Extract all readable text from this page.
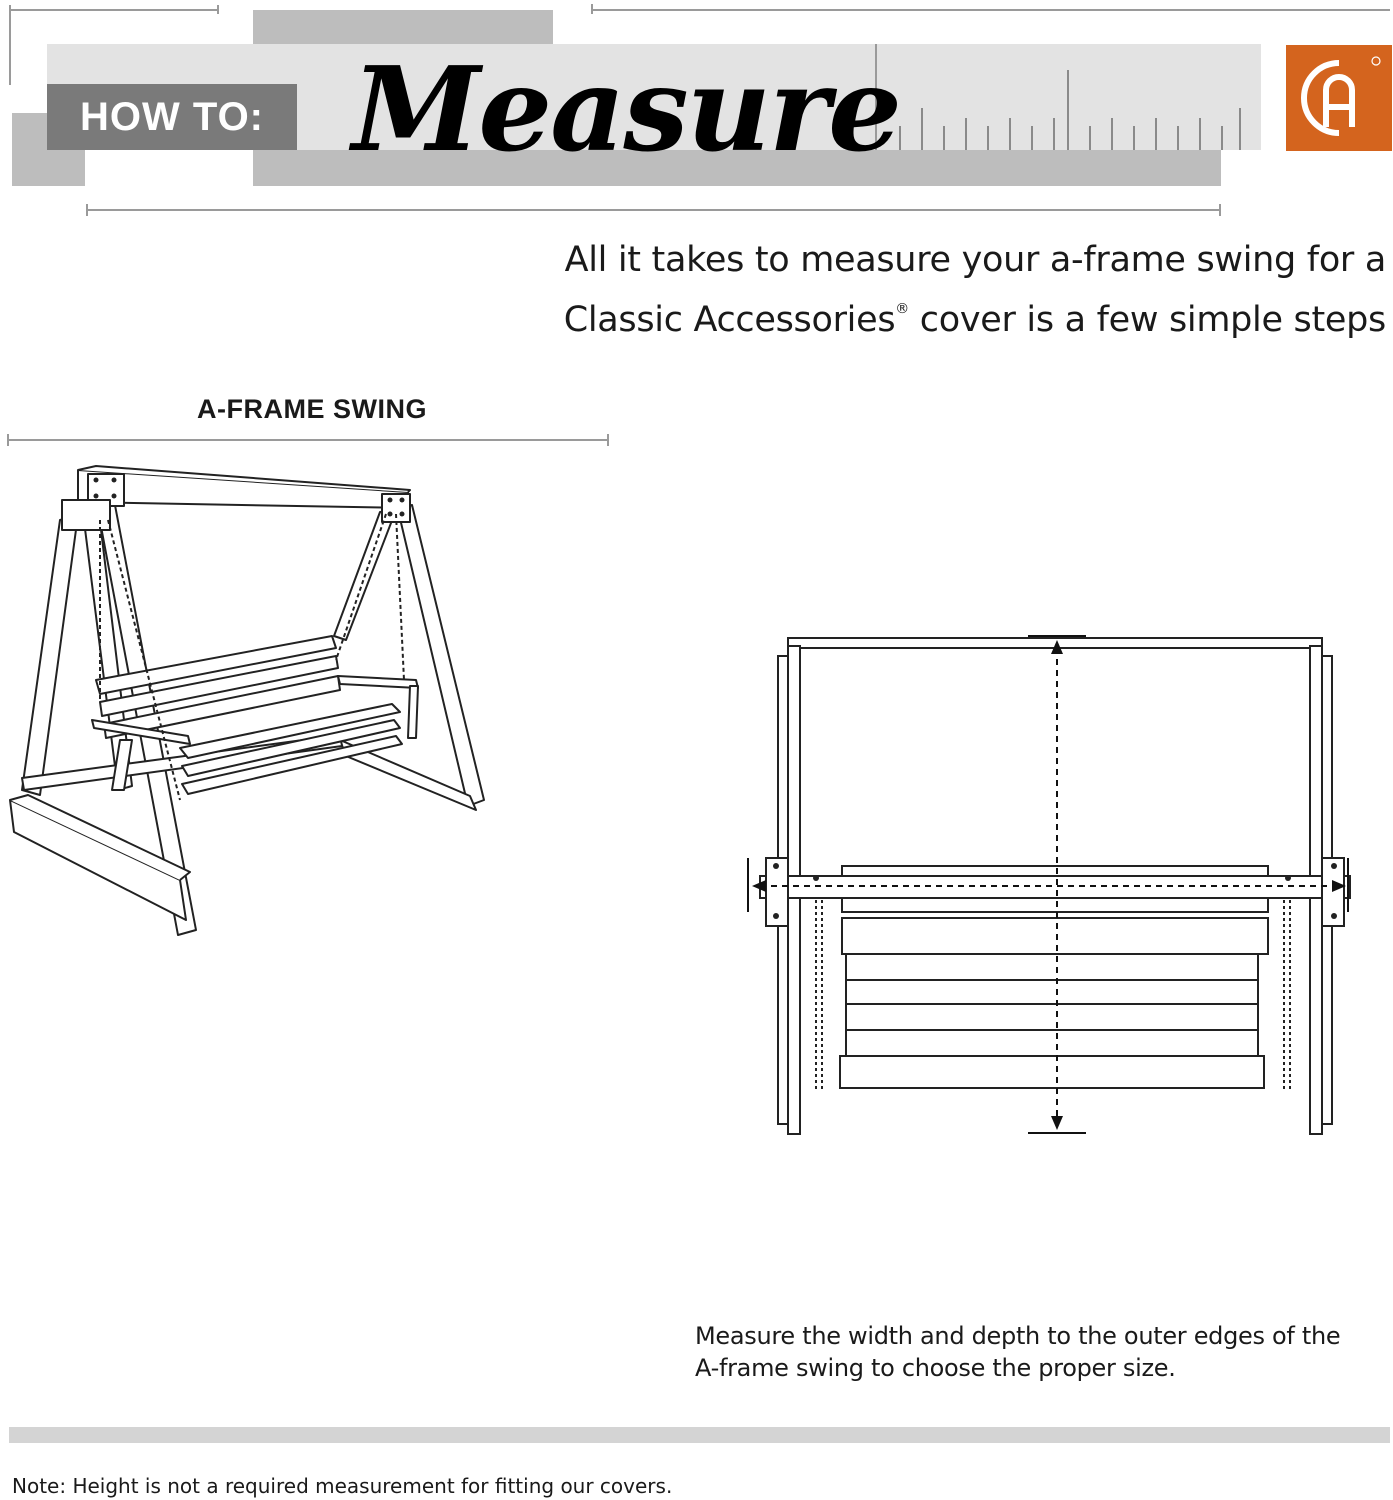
HOW TO: Measure
All it takes to measure your a-frame swing for a
Classic Accessories® cover is a few simple steps
A-FRAME SWING
Measure the width and depth to the outer edges of the
A-frame swing to choose the proper size.
Note: Height is not a required measurement for fitting our covers.
